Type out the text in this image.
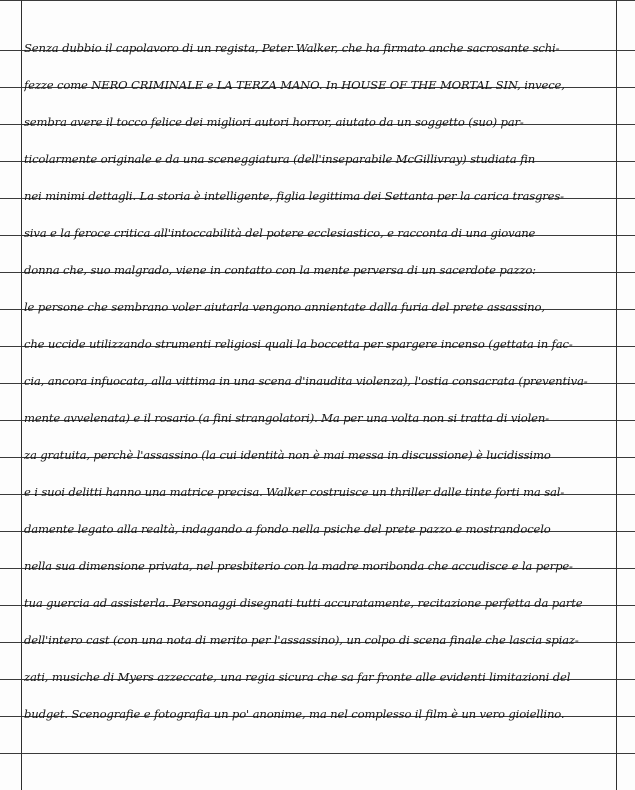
Senza dubbio il capolavoro di un regista, Peter Walker, che ha firmato anche sacrosante schi-
fezze come NERO CRIMINALE e LA TERZA MANO. In HOUSE OF THE MORTAL SIN, invece,
sembra avere il tocco felice dei migliori autori horror, aiutato da un soggetto (suo) par-
ticolarmente originale e da una sceneggiatura (dell'inseparabile McGillivray) studiata fin
nei minimi dettagli. La storia è intelligente, figlia legittima dei Settanta per la carica trasgres-
siva e la feroce critica all'intoccabilità del potere ecclesiastico, e racconta di una giovane
donna che, suo malgrado, viene in contatto con la mente perversa di un sacerdote pazzo:
le persone che sembrano voler aiutarla vengono annientate dalla furia del prete assassino,
che uccide utilizzando strumenti religiosi quali la boccetta per spargere incenso (gettata in fac-
cia, ancora infuocata, alla vittima in una scena d'inaudita violenza), l'ostia consacrata (preventiva-
mente avvelenata) e il rosario (a fini strangolatori). Ma per una volta non si tratta di violen-
za gratuita, perchè l'assassino (la cui identità non è mai messa in discussione) è lucidissimo
e i suoi delitti hanno una matrice precisa. Walker costruisce un thriller dalle tinte forti ma sal-
damente legato alla realtà, indagando a fondo nella psiche del prete pazzo e mostrandocelo
nella sua dimensione privata, nel presbiterio con la madre moribonda che accudisce e la perpe-
tua guercia ad assisterla. Personaggi disegnati tutti accuratamente, recitazione perfetta da parte
dell'intero cast (con una nota di merito per l'assassino), un colpo di scena finale che lascia spiaz-
zati, musiche di Myers azzeccate, una regia sicura che sa far fronte alle evidenti limitazioni del
budget. Scenografie e fotografia un po' anonime, ma nel complesso il film è un vero gioiellino.
